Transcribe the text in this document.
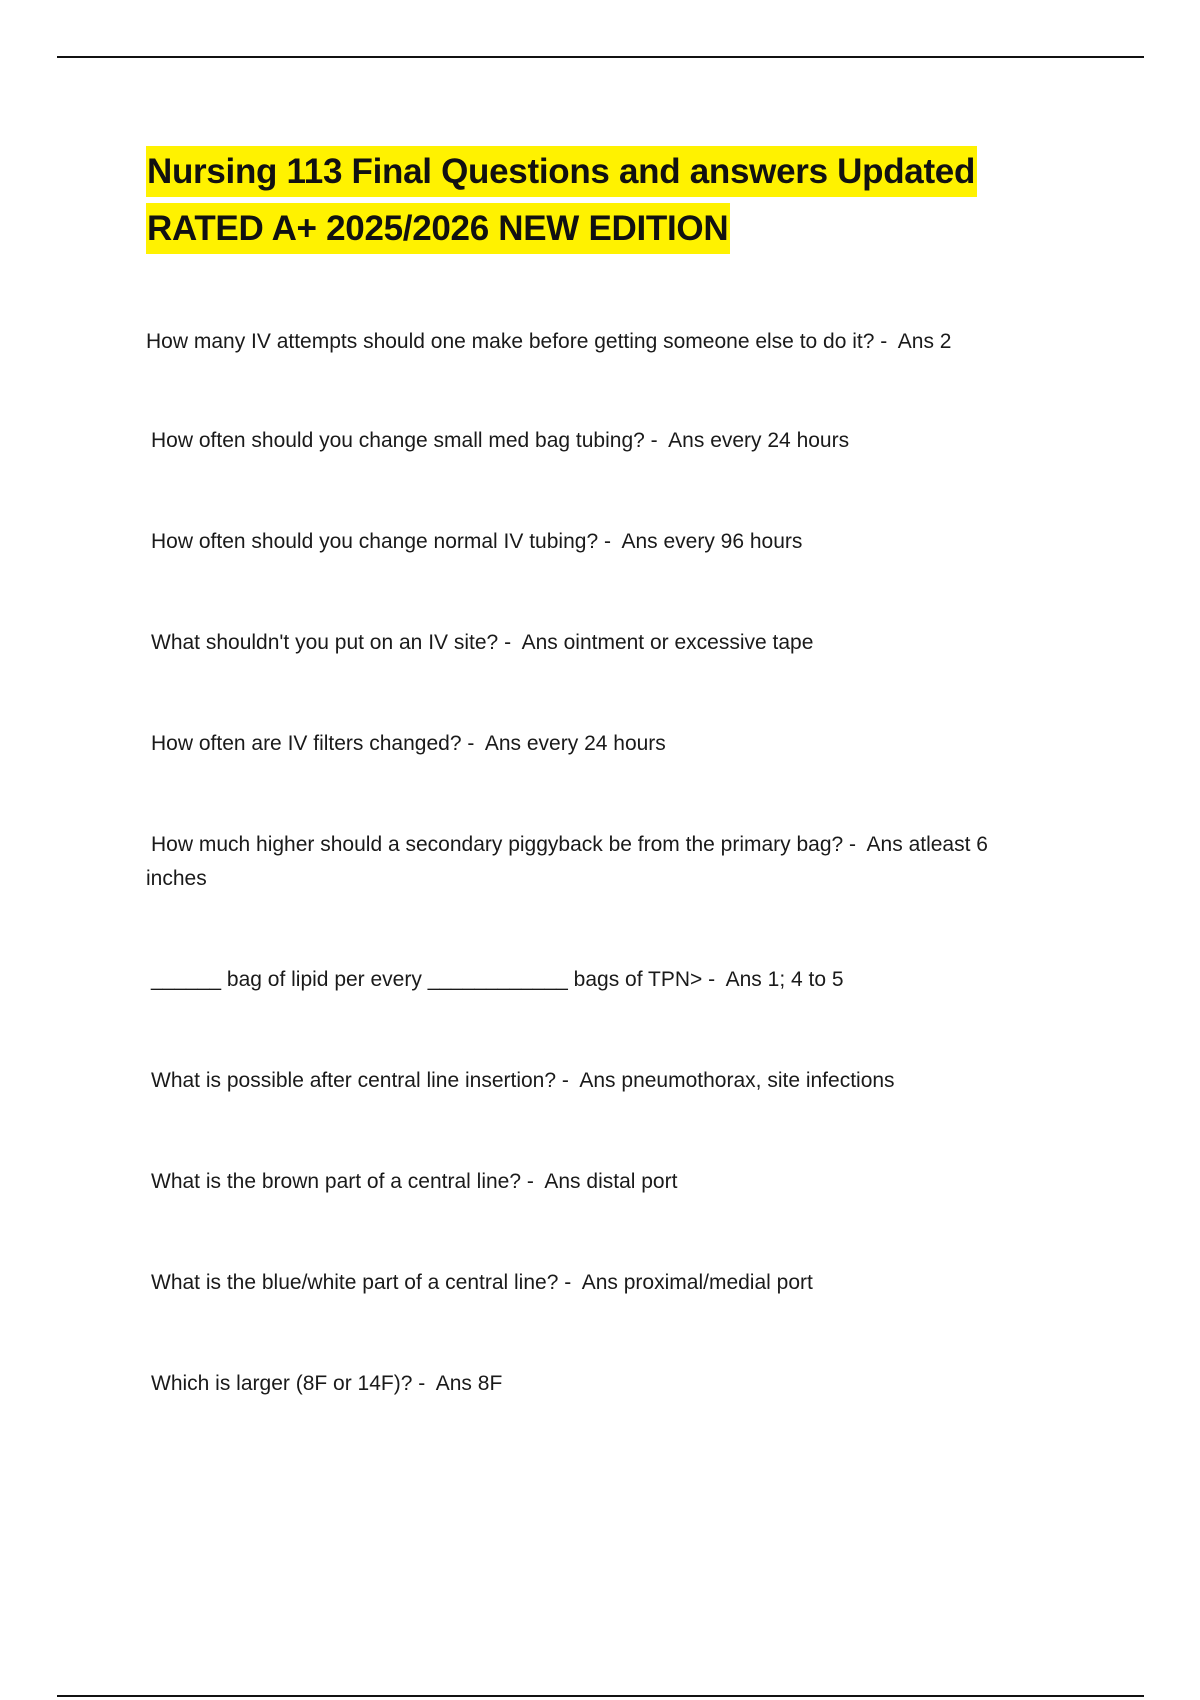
Nursing 113 Final Questions and answers Updated
RATED A+ 2025/2026 NEW EDITION
How many IV attempts should one make before getting someone else to do it? -  Ans 2
How often should you change small med bag tubing? -  Ans every 24 hours
How often should you change normal IV tubing? -  Ans every 96 hours
What shouldn't you put on an IV site? -  Ans ointment or excessive tape
How often are IV filters changed? -  Ans every 24 hours
How much higher should a secondary piggyback be from the primary bag? -  Ans atleast 6 inches
______ bag of lipid per every ____________ bags of TPN> -  Ans 1; 4 to 5
What is possible after central line insertion? -  Ans pneumothorax, site infections
What is the brown part of a central line? -  Ans distal port
What is the blue/white part of a central line? -  Ans proximal/medial port
Which is larger (8F or 14F)? -  Ans 8F
